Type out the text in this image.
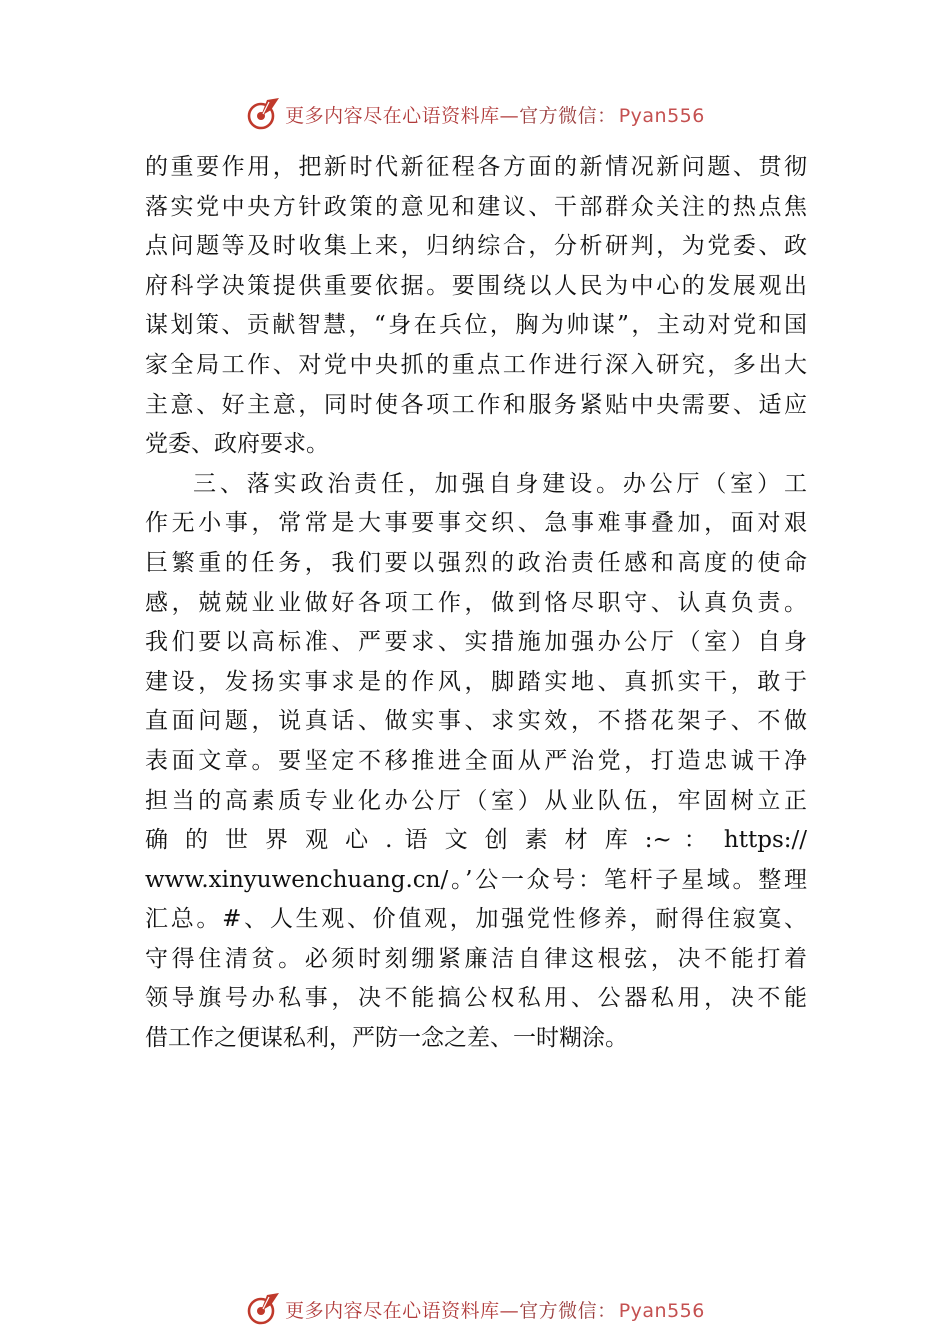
更多内容尽在心语资料库—官方微信： Pyan556
的重要作用，把新时代新征程各方面的新情况新问题、贯彻
落实党中央方针政策的意见和建议、干部群众关注的热点焦
点问题等及时收集上来，归纳综合，分析研判，为党委、政
府科学决策提供重要依据。要围绕以人民为中心的发展观出
谋划策、贡献智慧，“身在兵位，胸为帅谋”，主动对党和国
家全局工作、对党中央抓的重点工作进行深入研究，多出大
主意、好主意，同时使各项工作和服务紧贴中央需要、适应
党委、政府要求。
三、落实政治责任，加强自身建设。办公厅（室）工
作无小事，常常是大事要事交织、急事难事叠加，面对艰
巨繁重的任务，我们要以强烈的政治责任感和高度的使命
感，兢兢业业做好各项工作，做到恪尽职守、认真负责。
我们要以高标准、严要求、实措施加强办公厅（室）自身
建设，发扬实事求是的作风，脚踏实地、真抓实干，敢于
直面问题，说真话、做实事、求实效，不搭花架子、不做
表面文章。要坚定不移推进全面从严治党，打造忠诚干净
担当的高素质专业化办公厅（室）从业队伍，牢固树立正
确 的 世 界 观 心 . 语 文 创 素 材 库 :~ ： https://
www.xinyuwenchuang.cn/。’公一众号：笔杆子星域。整理
汇总。#、人生观、价值观，加强党性修养，耐得住寂寞、
守得住清贫。必须时刻绷紧廉洁自律这根弦，决不能打着
领导旗号办私事，决不能搞公权私用、公器私用，决不能
借工作之便谋私利，严防一念之差、一时糊涂。
更多内容尽在心语资料库—官方微信： Pyan556
